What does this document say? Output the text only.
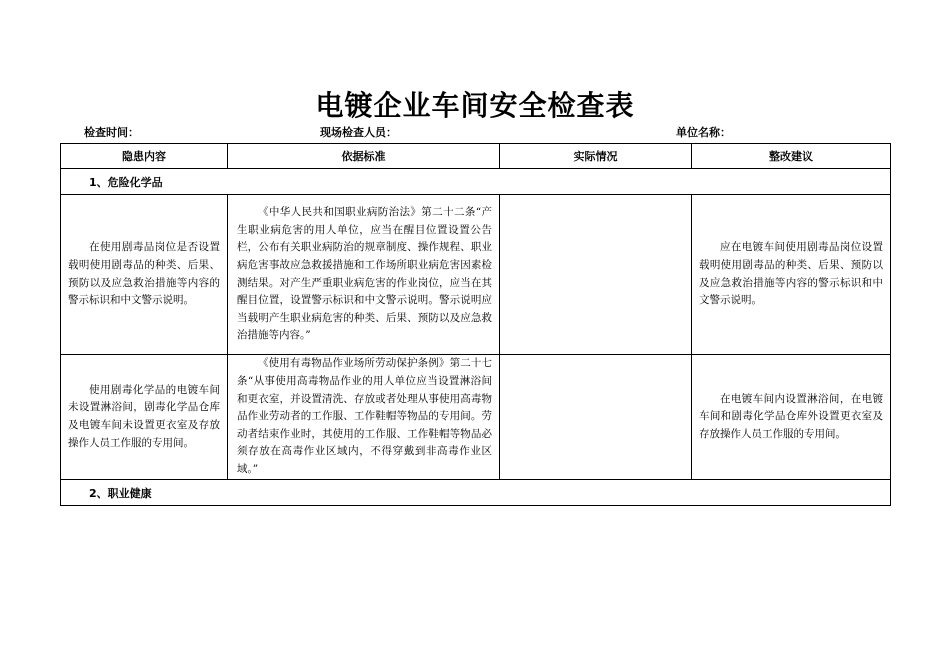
电镀企业车间安全检查表
检查时间：	现场检查人员：	单位名称：
隐患内容	依据标准	实际情况	整改建议
1、危险化学品			
在使用剧毒品岗位是否设置载明使用剧毒品的种类、后果、预防以及应急救治措施等内容的警示标识和中文警示说明。	《中华人民共和国职业病防治法》第二十二条“产生职业病危害的用人单位，应当在醒目位置设置公告栏，公布有关职业病防治的规章制度、操作规程、职业病危害事故应急救援措施和工作场所职业病危害因素检测结果。对产生严重职业病危害的作业岗位，应当在其醒目位置，设置警示标识和中文警示说明。警示说明应当载明产生职业病危害的种类、后果、预防以及应急救治措施等内容。”		应在电镀车间使用剧毒品岗位设置载明使用剧毒品的种类、后果、预防以及应急救治措施等内容的警示标识和中文警示说明。
使用剧毒化学品的电镀车间未设置淋浴间，剧毒化学品仓库及电镀车间未设置更衣室及存放操作人员工作服的专用间。	《使用有毒物品作业场所劳动保护条例》第二十七条“从事使用高毒物品作业的用人单位应当设置淋浴间和更衣室，并设置清洗、存放或者处理从事使用高毒物品作业劳动者的工作服、工作鞋帽等物品的专用间。劳动者结束作业时，其使用的工作服、工作鞋帽等物品必须存放在高毒作业区域内，不得穿戴到非高毒作业区域。”		在电镀车间内设置淋浴间，在电镀车间和剧毒化学品仓库外设置更衣室及存放操作人员工作服的专用间。
2、职业健康			
